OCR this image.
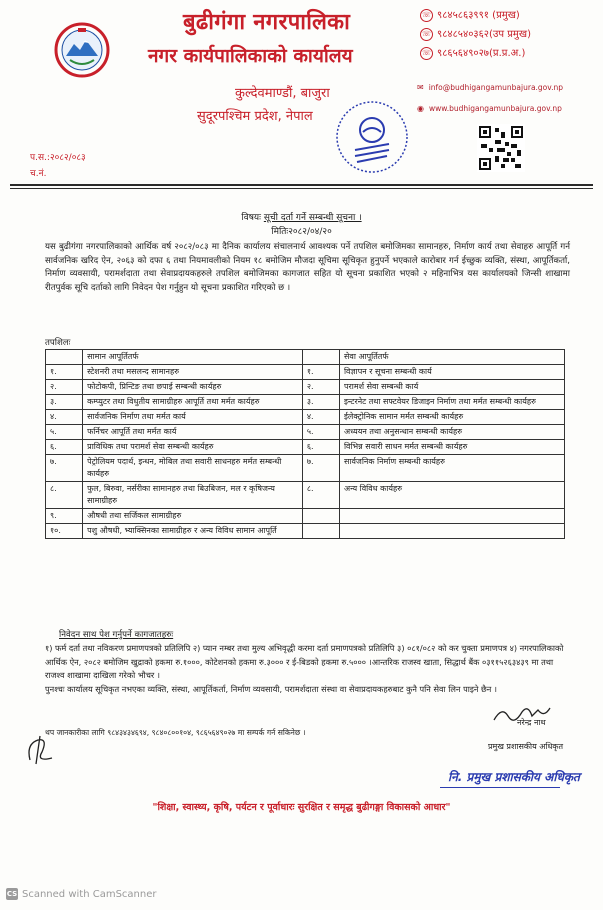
बुढीगंगा नगरपालिका
नगर कार्यपालिकाको कार्यालय
कुल्देवमाण्डौं, बाजुरा
सुदूरपश्चिम प्रदेश, नेपाल
☏ ९८४५८६३९९१ (प्रमुख)
☏ ९८४८५४०३६२(उप प्रमुख)
☏ ९८६५६४९०२७(प्र.प्र.अ.)
✉ info@budhigangamunbajura.gov.np
◉ www.budhigangamunbajura.gov.np
प.स.:२०८२/०८३
च.नं.
विषयः सूची दर्ता गर्ने सम्बन्धी सूचना ।
मितिः२०८२/०४/२०
यस बुढीगंगा नगरपालिकाको आर्थिक वर्ष २०८२/०८३ मा दैनिक कार्यालय संचालनार्थ आवश्यक पर्ने तपशिल बमोजिमका सामानहरु, निर्माण कार्य तथा सेवाहरु आपूर्ति गर्न सार्वजनिक खरिद ऐन, २०६३ को दफा ६ तथा नियमावलीको नियम १८ बमोजिम मौजदा सूचिमा सूचिकृत हुनुपर्ने भएकाले कारोबार गर्न ईच्छुक व्यक्ति, संस्था, आपूर्तिकर्ता, निर्माण व्यवसायी, परामर्शदाता तथा सेवाप्रदायकहरुले तपशिल बमोजिमका कागजात सहित यो सूचना प्रकाशित भएको २ महिनाभित्र यस कार्यालयको जिन्सी शाखामा रीतपुर्वक सूचि दर्ताको लागि निवेदन पेश गर्नुहुन यो सूचना प्रकाशित गरिएको छ ।
तपशिलः
	सामान आपूर्तितर्फ		सेवा आपूर्तितर्फ
१.	स्टेशनरी तथा मसलन्द सामानहरु	१.	विज्ञापन र सूचना सम्बन्धी कार्य
२.	फोटोकपी, प्रिन्टिङ तथा छपाई सम्बन्धी कार्यहरु	२.	परामर्श सेवा सम्बन्धी कार्य
३.	कम्प्युटर तथा विधुतीय सामाग्रीहरु आपूर्ति तथा मर्मत कार्यहरु	३.	इन्टरनेट तथा सफ्टवेयर डिजाइन निर्माण तथा मर्मत सम्बन्धी कार्यहरु
४.	सार्वजनिक निर्माण तथा मर्मत कार्य	४.	ईलेक्ट्रोनिक सामान मर्मत सम्बन्धी कार्यहरु
५.	फर्निचर आपूर्ति तथा मर्मत कार्य	५.	अध्ययन तथा अनुसन्धान सम्बन्धी कार्यहरु
६.	प्राविधिक तथा परामर्श सेवा सम्बन्धी कार्यहरु	६.	विभिन्न सवारी साधन मर्मत सम्बन्धी कार्यहरु
७.	पेट्रोलियम पदार्थ, इन्धन, मोबिल तथा सवारी साधनहरु मर्मत सम्बन्धी कार्यहरु	७.	सार्वजनिक निर्माण सम्बन्धी कार्यहरु
८.	फुल, बिरुवा, नर्सरीका सामानहरु तथा बिउबिजन, मल र कृषिजन्य सामाग्रीहरु	८.	अन्य विविध कार्यहरु
९.	औषधी तथा सर्जिकल सामाग्रीहरु		
१०.	पशु औषधी, भ्याक्सिनका सामाग्रीहरु र अन्य विविध सामान आपूर्ति		
निवेदन साथ पेश गर्नुपर्ने कागजातहरुः
१) फर्म दर्ता तथा नविकरण प्रमाणपत्रको प्रतिलिपि २) प्यान नम्बर तथा मुल्य अभिवृद्धी करमा दर्ता प्रमाणपत्रको प्रतिलिपि ३) ०८१/०८२ को कर चुक्ता प्रमाणपत्र ४) नगरपालिकाको आर्थिक ऐन, २०८२ बमोजिम खुद्राको हकमा रु.१०००, कोटेशनको हकमा रु.३००० र ई-बिडको हकमा रु.५००० ।आन्तरिक राजस्व खाता, सिद्धार्थ बैंक ०३११५२६३४३९ मा तथा राजश्व शाखामा दाखिला गरेको भौचर ।
पुनश्चः कार्यालय सूचिकृत नभएका व्यक्ति, संस्था, आपूर्तिकर्ता, निर्माण व्यवसायी, परामर्शदाता संस्था वा सेवाप्रदायकहरुबाट कुनै पनि सेवा लिन पाइने छैन ।
थप जानकारीका लागि ९८४३४३४६९४, ९८४०८००१०४, ९८६५६४९०२७ मा सम्पर्क गर्न सकिनेछ ।
नरेन्द्र नाथ
प्रमुख प्रशासकीय अधिकृत
नि. प्रमुख प्रशासकीय अधिकृत
"शिक्षा, स्वास्थ्य, कृषि, पर्यटन र पूर्वाधारः सुरक्षित र समृद्ध बुढीगङ्गा विकासको आधार"
CS Scanned with CamScanner
